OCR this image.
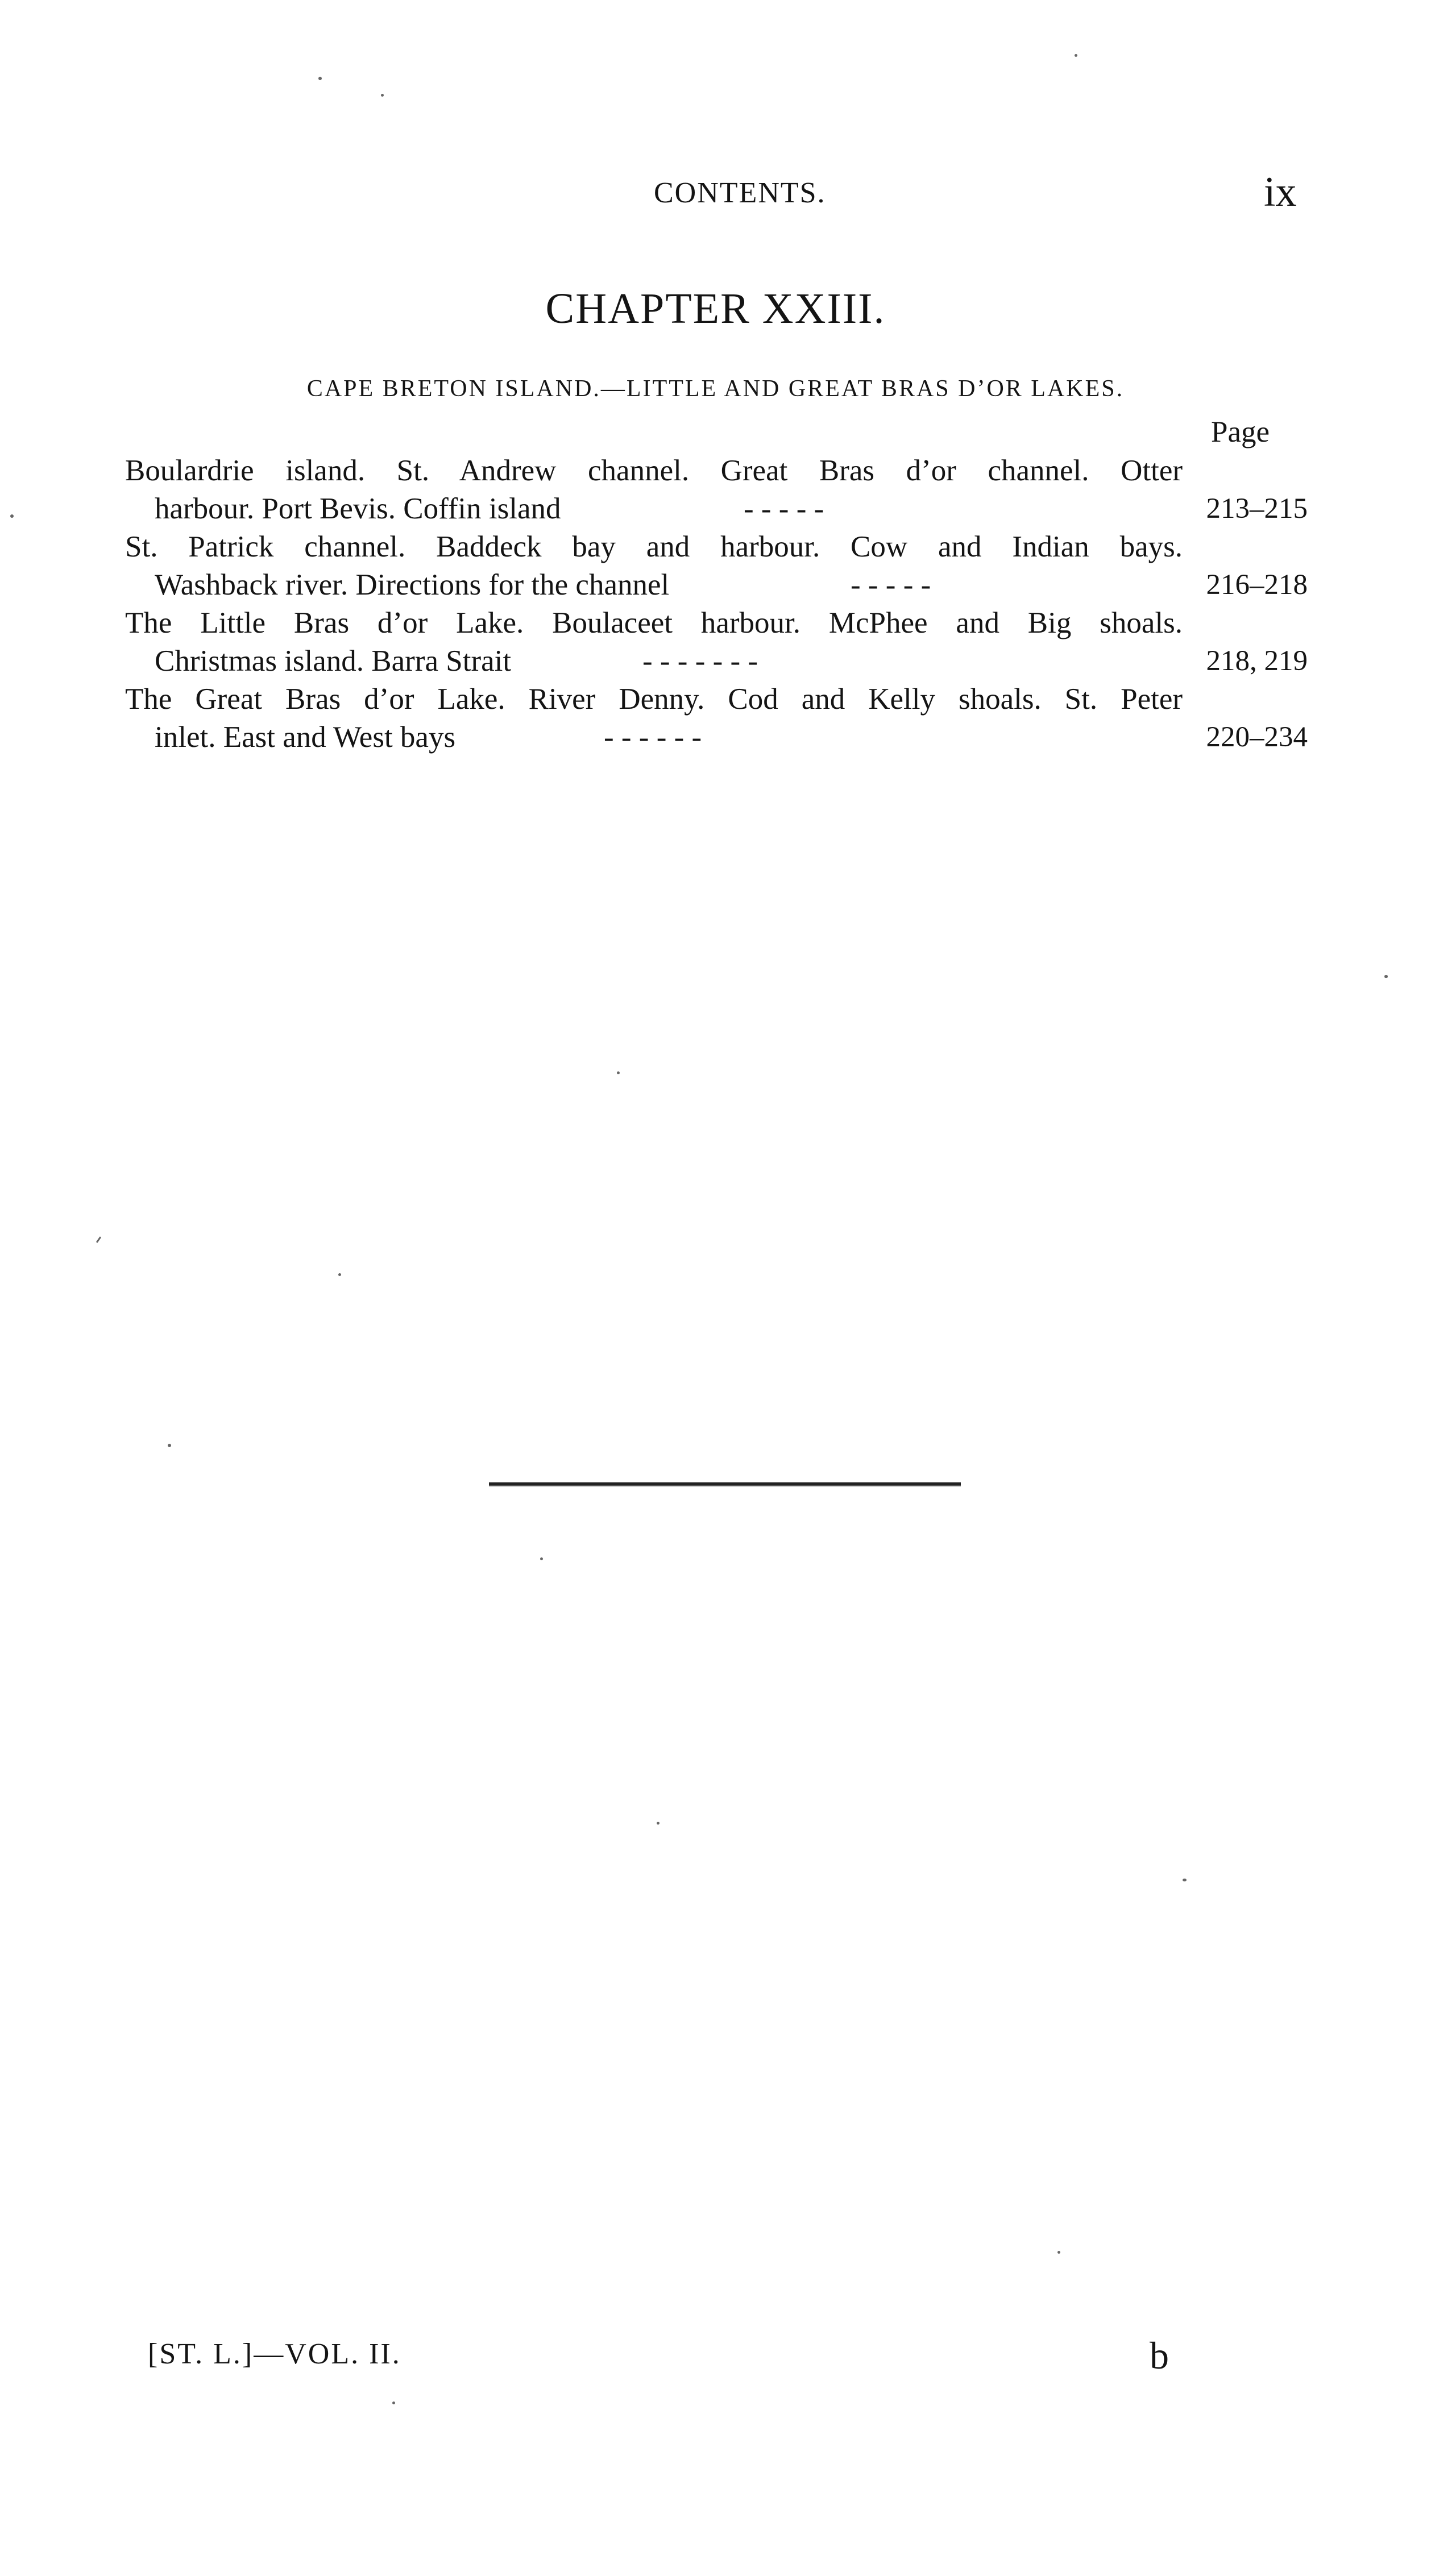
CONTENTS.	ix
CHAPTER XXIII.
CAPE BRETON ISLAND.—LITTLE AND GREAT BRAS D’OR LAKES.
Page
Boulardrie island. St. Andrew channel. Great Bras d’or channel. Otter
harbour. Port Bevis. Coffin island	- - - - -	213–215
St. Patrick channel. Baddeck bay and harbour. Cow and Indian bays.
Washback river. Directions for the channel	- - - - -	216–218
The Little Bras d’or Lake. Boulaceet harbour. McPhee and Big shoals.
Christmas island. Barra Strait	- - - - - - -	218, 219
The Great Bras d’or Lake. River Denny. Cod and Kelly shoals. St. Peter
inlet. East and West bays	- - - - - -	220–234
[ST. L.]—VOL. II.	b
